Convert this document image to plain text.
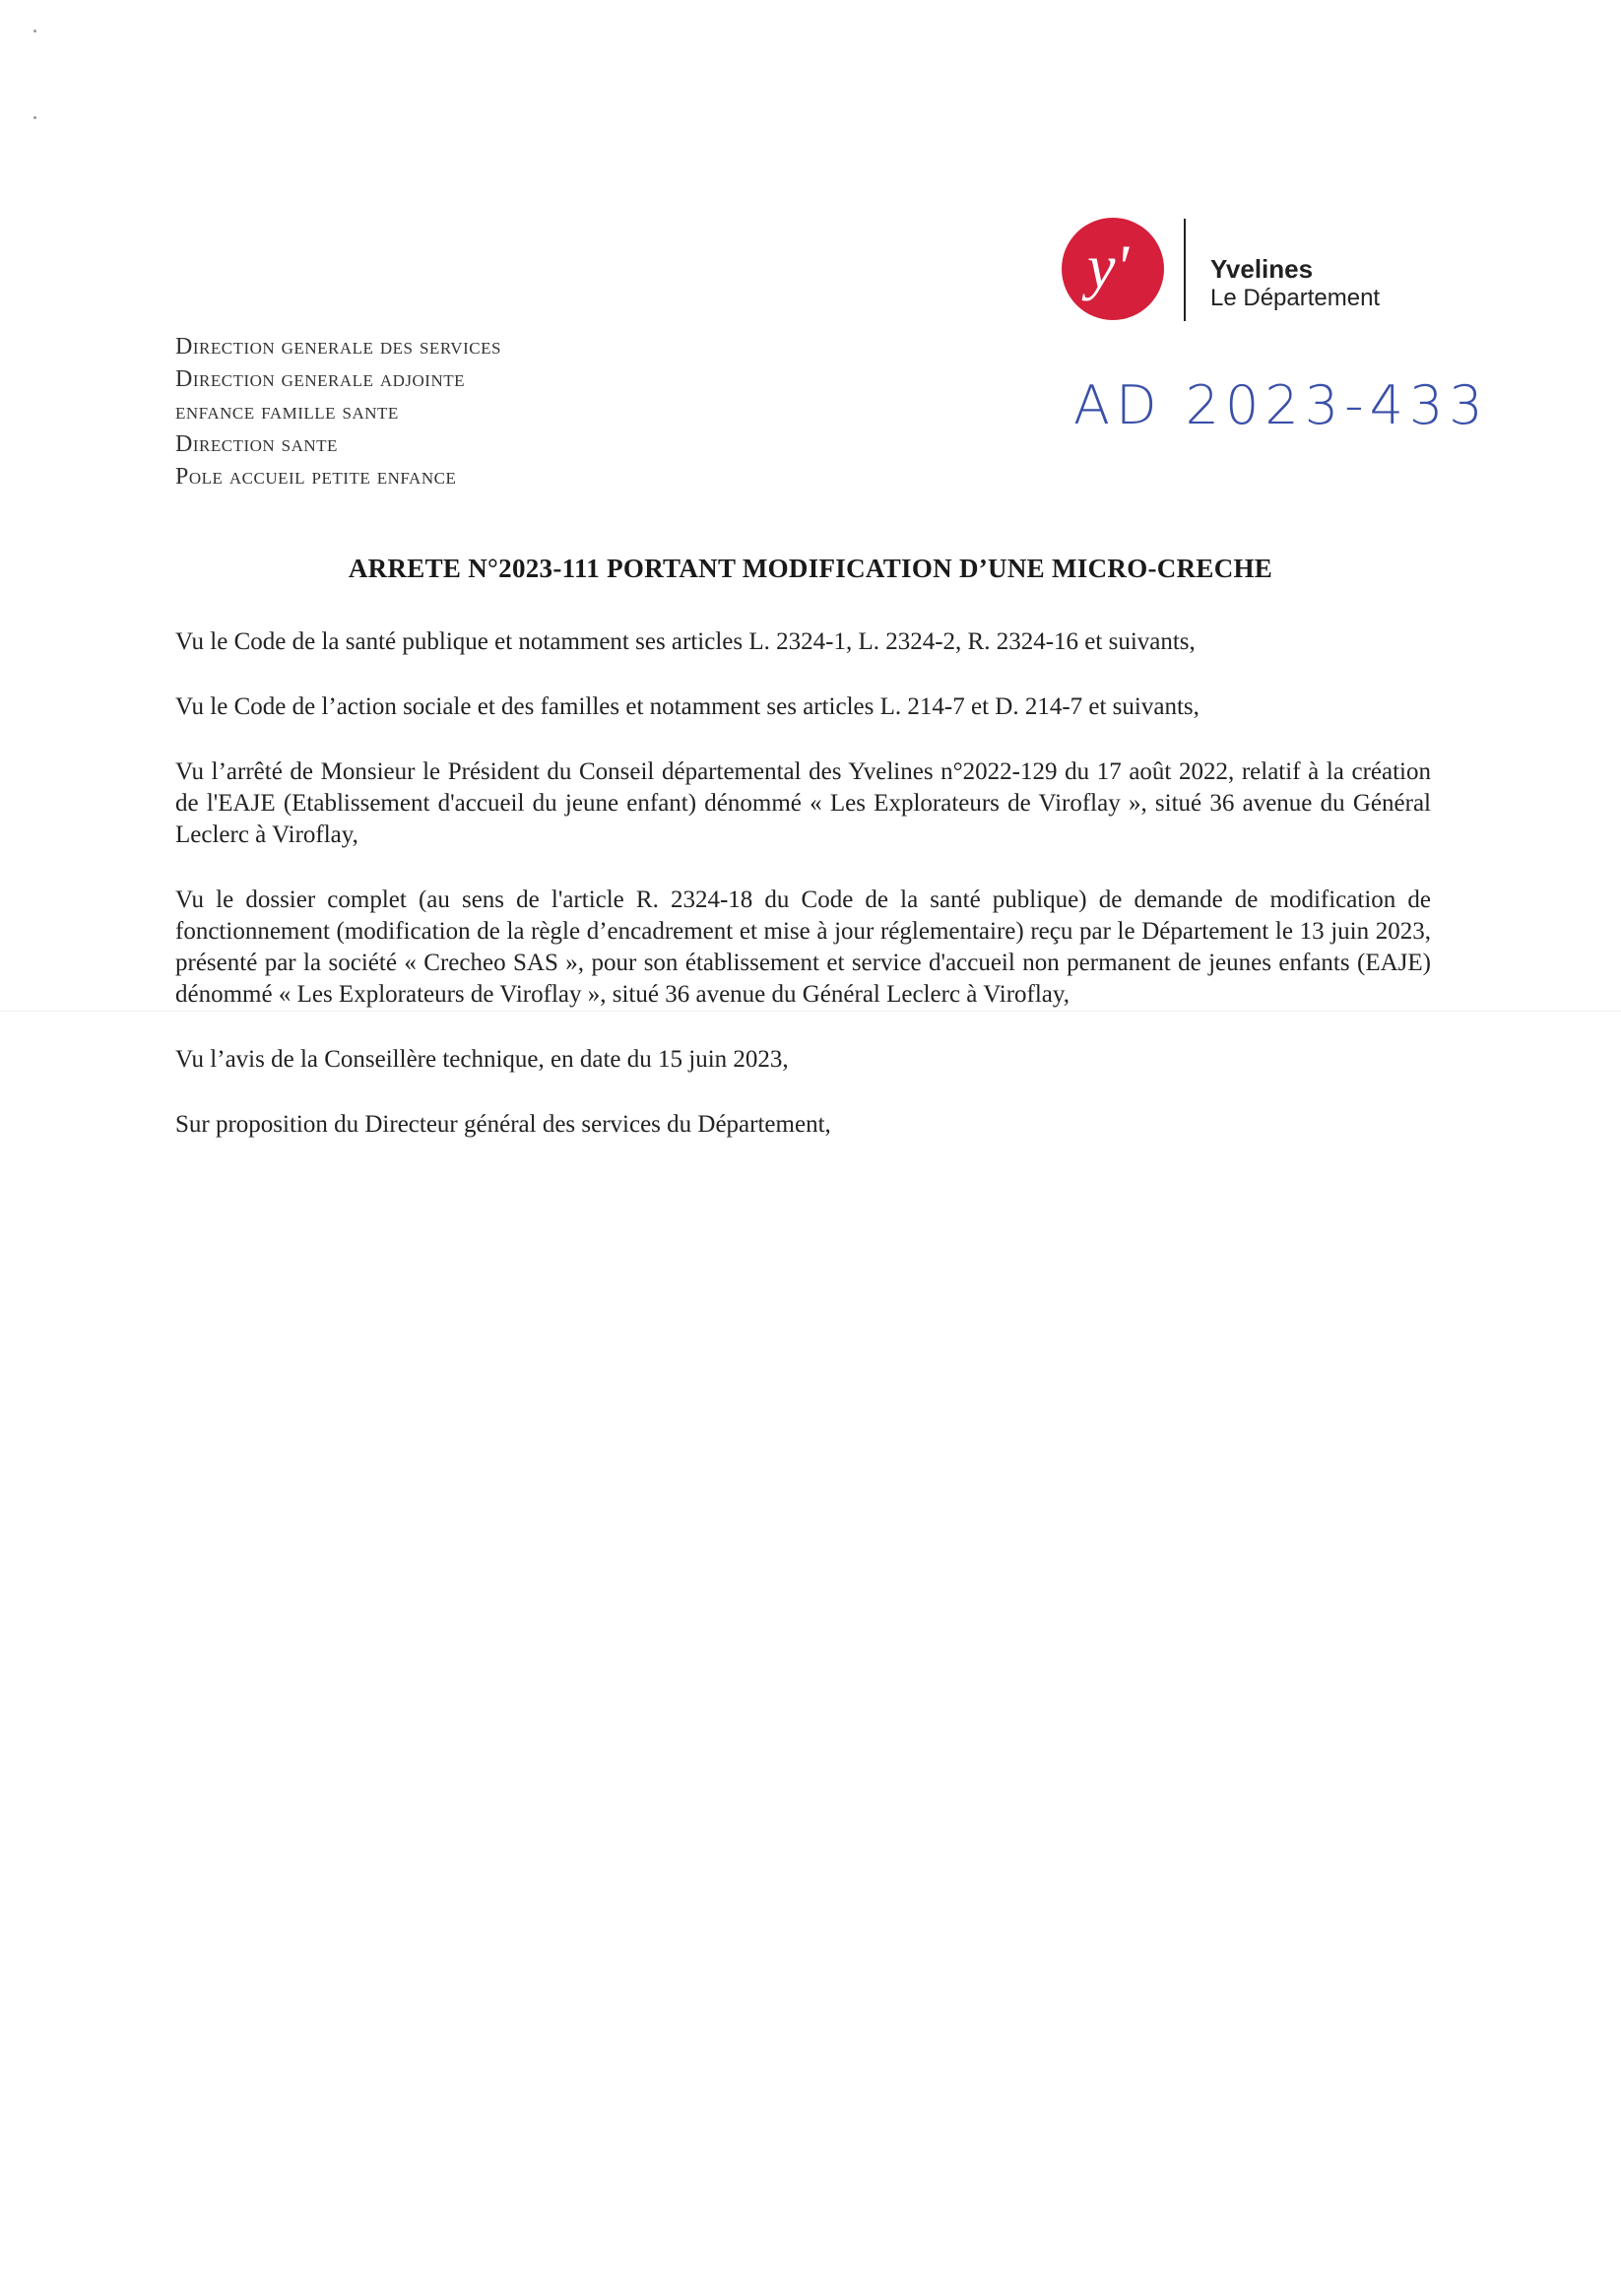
y'	Yvelines
Le Département
AD 2023-433
Direction generale des services
Direction generale adjointe
enfance famille sante
Direction sante
Pole accueil petite enfance
ARRETE N°2023-111 PORTANT MODIFICATION D’UNE MICRO-CRECHE

Vu le Code de la santé publique et notamment ses articles L. 2324-1, L. 2324-2, R. 2324-16 et suivants,

Vu le Code de l’action sociale et des familles et notamment ses articles L. 214-7 et D. 214-7 et suivants,

Vu l’arrêté de Monsieur le Président du Conseil départemental des Yvelines n°2022-129 du 17 août 2022, relatif à la création de l'EAJE (Etablissement d'accueil du jeune enfant) dénommé « Les Explorateurs de Viroflay », situé 36 avenue du Général Leclerc à Viroflay,

Vu le dossier complet (au sens de l'article R. 2324-18 du Code de la santé publique) de demande de modification de fonctionnement (modification de la règle d’encadrement et mise à jour réglementaire) reçu par le Département le 13 juin 2023, présenté par la société « Crecheo SAS », pour son établissement et service d'accueil non permanent de jeunes enfants (EAJE) dénommé « Les Explorateurs de Viroflay », situé 36 avenue du Général Leclerc à Viroflay,

Vu l’avis de la Conseillère technique, en date du 15 juin 2023,

Sur proposition du Directeur général des services du Département,
